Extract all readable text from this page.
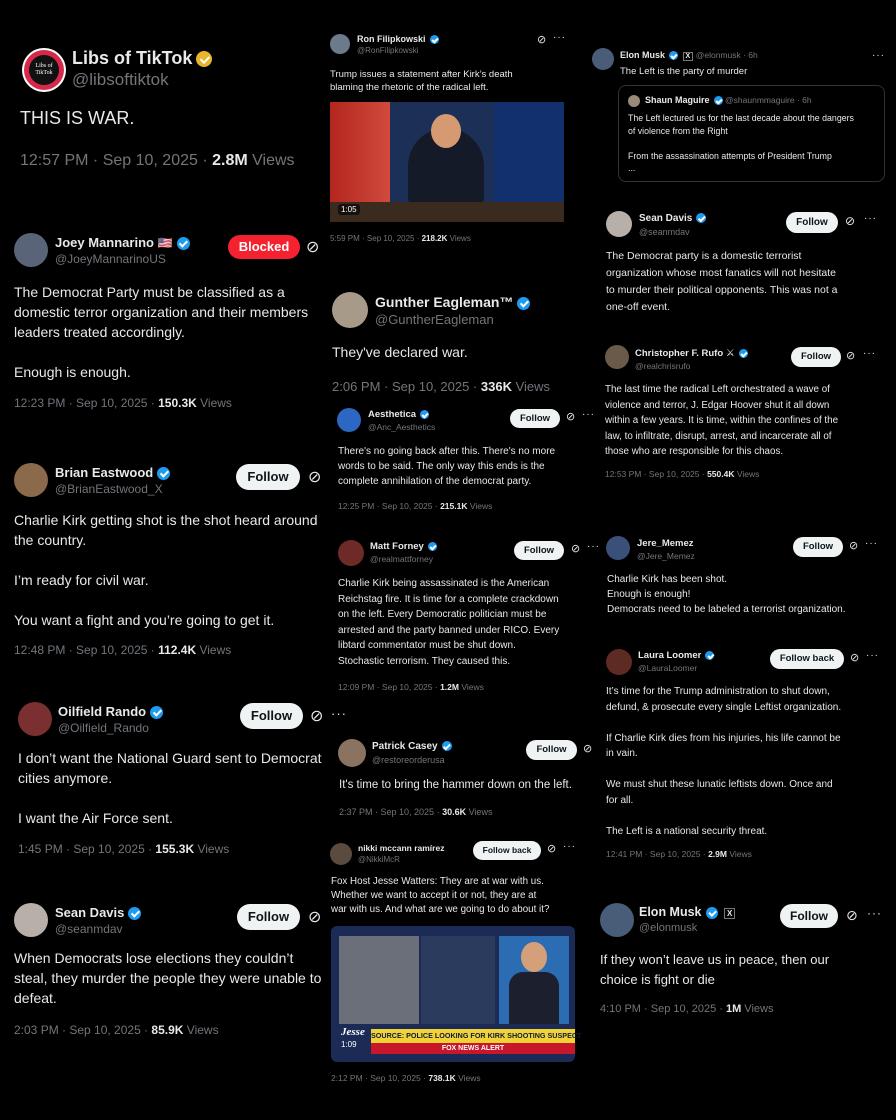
Libs of TikTok
Libs of TikTok
@libsoftiktok
THIS IS WAR.
12:57 PM · Sep 10, 2025 · 2.8M Views
Joey Mannarino 🇺🇸
@JoeyMannarinoUS
Blocked	⊘
The Democrat Party must be classified as a
domestic terror organization and their members
leaders treated accordingly.

Enough is enough.
12:23 PM · Sep 10, 2025 · 150.3K Views
Brian Eastwood
@BrianEastwood_X
Follow	⊘
Charlie Kirk getting shot is the shot heard around
the country.

I’m ready for civil war.

You want a fight and you’re going to get it.
12:48 PM · Sep 10, 2025 · 112.4K Views
Oilfield Rando
@Oilfield_Rando
Follow	⊘ ···
I don’t want the National Guard sent to Democrat
cities anymore.

I want the Air Force sent.
1:45 PM · Sep 10, 2025 · 155.3K Views
Sean Davis
@seanmdav
Follow	⊘
When Democrats lose elections they couldn’t
steal, they murder the people they were unable to
defeat.
2:03 PM · Sep 10, 2025 · 85.9K Views
Ron Filipkowski
@RonFilipkowski
⊘ ···
Trump issues a statement after Kirk’s death
blaming the rhetoric of the radical left.
1:05
5:59 PM · Sep 10, 2025 · 218.2K Views
Gunther Eagleman™
@GuntherEagleman
They've declared war.
2:06 PM · Sep 10, 2025 · 336K Views
Aesthetica
@Anc_Aesthetics
Follow	⊘ ···
There's no going back after this. There's no more
words to be said. The only way this ends is the
complete annihilation of the democrat party.
12:25 PM · Sep 10, 2025 · 215.1K Views
Matt Forney
@realmattforney
Follow	⊘ ···
Charlie Kirk being assassinated is the American
Reichstag fire. It is time for a complete crackdown
on the left. Every Democratic politician must be
arrested and the party banned under RICO. Every
libtard commentator must be shut down.
Stochastic terrorism. They caused this.
12:09 PM · Sep 10, 2025 · 1.2M Views
Patrick Casey
@restoreorderusa
Follow	⊘
It's time to bring the hammer down on the left.
2:37 PM · Sep 10, 2025 · 30.6K Views
nikki mccann ramírez
@NikkiMcR
Follow back	⊘ ···
Fox Host Jesse Watters: They are at war with us.
Whether we want to accept it or not, they are at
war with us. And what are we going to do about it?
Jesse
1:09
SOURCE: POLICE LOOKING FOR KIRK SHOOTING SUSPECT
FOX NEWS ALERT
2:12 PM · Sep 10, 2025 · 738.1K Views
Elon Musk	X @elonmusk · 6h	···
The Left is the party of murder
Shaun Maguire @shaunmmaguire · 6h
The Left lectured us for the last decade about the dangers
of violence from the Right

From the assassination attempts of President Trump
...
Sean Davis
@seanmdav
Follow	⊘ ···
The Democrat party is a domestic terrorist
organization whose most fanatics will not hesitate
to murder their political opponents. This was not a
one-off event.
Christopher F. Rufo ⚔
@realchrisrufo
Follow	⊘ ···
The last time the radical Left orchestrated a wave of
violence and terror, J. Edgar Hoover shut it all down
within a few years. It is time, within the confines of the
law, to infiltrate, disrupt, arrest, and incarcerate all of
those who are responsible for this chaos.
12:53 PM · Sep 10, 2025 · 550.4K Views
Jere_Memez
@Jere_Memez
Follow	⊘ ···
Charlie Kirk has been shot.
Enough is enough!
Democrats need to be labeled a terrorist organization.
Laura Loomer
@LauraLoomer
Follow back	⊘ ···
It’s time for the Trump administration to shut down,
defund, & prosecute every single Leftist organization.

If Charlie Kirk dies from his injuries, his life cannot be
in vain.

We must shut these lunatic leftists down. Once and
for all.

The Left is a national security threat.
12:41 PM · Sep 10, 2025 · 2.9M Views
Elon Musk	X
@elonmusk
Follow	⊘ ···
If they won’t leave us in peace, then our
choice is fight or die
4:10 PM · Sep 10, 2025 · 1M Views
